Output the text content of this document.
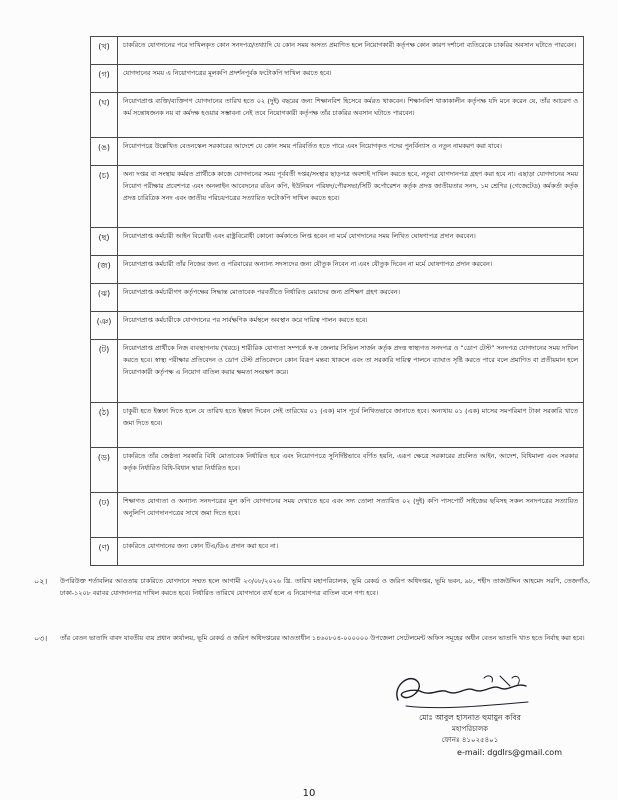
(খ)	চাকরিতে যোগদানের পরে দাখিলকৃত কোন সনদপত্র/তথ্যাদি যে কোন সময় অসত্য প্রমাণিত হলে নিয়োগকারী কর্তৃপক্ষ কোন কারণ দর্শানো ব্যতিরেকে চাকরির অবসান ঘটাতে পারবেন।
(গ)	যোগদানের সময় এ নিয়োগপত্রের মূলকপি প্রদর্শনপূর্বক ফটোকপি দাখিল করতে হবে।
(ঘ)	নিয়োগপ্রাপ্ত ব্যক্তি/ব্যক্তিগণ যোগদানের তারিখ হতে ০২ (দুই) বছরের জন্য শিক্ষানবিশ হিসেবে কর্মরত থাকবেন। শিক্ষানবিশ থাকাকালীন কর্তৃপক্ষ যদি মনে করেন যে, তাঁর আচরণ ও কর্ম সন্তোষজনক নয় বা কর্মদক্ষ হওয়ার সম্ভাবনা নেই তবে নিয়োগকারী কর্তৃপক্ষ তাঁর চাকরির অবসান ঘটাতে পারবেন।
(ঙ)	নিয়োগপত্রে উল্লেখিত বেতনস্কেল সরকারের আদেশে যে কোন সময় পরিবর্তিত হতে পারে এবং নিয়োগকৃত পদের পুনর্বিন্যাস ও নতুন নামকরণ করা যাবে।
(চ)	অন্য দপ্তর বা সংস্থায় কর্মরত প্রার্থীকে কাজে যোগদানের সময় পূর্ববর্তী দপ্তর/সংস্থার ছাড়পত্র অবশ্যই দাখিল করতে হবে, নতুবা যোগদানপত্র গ্রহণ করা হবে না। এছাড়া যোগদানের সময় নিয়োগ পরীক্ষার প্রবেশপত্র এবং অনলাইন আবেদনের রঙিন কপি, ইউনিয়ন পরিষদ/পৌরসভা/সিটি কর্পোরেশন কর্তৃক প্রদত্ত জাতীয়তার সনদ, ১ম শ্রেণির (গেজেটেড) কর্মকর্তা কর্তৃক প্রদত্ত চারিত্রিক সনদ এবং জাতীয় পরিচয়পত্রের সত্যায়িত ফটোকপি দাখিল করতে হবে।
(ছ)	নিয়োগপ্রাপ্ত কর্মচারী আইন বিরোধী এবং রাষ্ট্রবিরোধী কোনো কর্মকাণ্ডে লিপ্ত হবেন না মর্মে যোগদানের সময় লিখিত ঘোষণাপত্র প্রদান করবেন।
(জ)	নিয়োগপ্রাপ্ত কর্মচারী তাঁর নিজের জন্য ও পরিবারের অন্যান্য সদস্যদের জন্য যৌতুক নিবেন না এবং যৌতুক দিবেন না মর্মে ঘোষণাপত্র প্রদান করবেন।
(ঝ)	নিয়োগপ্রাপ্ত কর্মচারীগণ কর্তৃপক্ষের সিদ্ধান্ত মোতাবেক পরবর্তীতে নির্ধারিত মেয়াদের জন্য প্রশিক্ষণ গ্রহণ করবেন।
(ঞ)	নিয়োগপ্রাপ্ত কর্মচারীকে যোগদানের পর সার্বক্ষণিক কর্মস্থলে অবস্থান করে দায়িত্ব পালন করতে হবে।
(ট)	নিয়োগপ্রাপ্ত প্রার্থীকে নিজ ব্যবস্থাপনায় (খরচে) শারীরিক যোগ্যতা সম্পর্কে স্ব-স্ব জেলার সিভিল সার্জন কর্তৃক প্রদত্ত স্বাস্থ্যগত সনদপত্র ও “ডোপ টেস্ট” সনদপত্র যোগদানের সময় দাখিল করতে হবে। স্বাস্থ্য পরীক্ষার প্রতিবেদন ও ডোপ টেস্ট প্রতিবেদনে কোন বিরূপ মন্তব্য থাকলে এবং তা সরকারি দায়িত্ব পালনে ব্যাঘাত সৃষ্টি করতে পারে বলে প্রমাণিত বা প্রতীয়মান হলে নিয়োগকারী কর্তৃপক্ষ এ নিয়োগ বাতিল করার ক্ষমতা সংরক্ষণ করে।
(ঠ)	চাকুরী হতে ইস্তফা দিতে হলে যে তারিখ হতে ইস্তফা দিবেন সেই তারিখের ০১ (এক) মাস পূর্বে লিখিতভাবে জানাতে হবে। অন্যথায় ০১ (এক) মাসের সমপরিমাণ টাকা সরকারি খাতে জমা দিতে হবে।
(ড)	চাকরিতে তাঁর জেষ্ঠতা সরকারি বিধি মোতাবেক নির্ধারিত হবে এবং নিয়োগপত্রে সুনির্দিষ্টভাবে বর্ণিত হয়নি, এরূপ ক্ষেত্রে সরকারের প্রচলিত আইন, আদেশ, বিধিমালা এবং সরকার কর্তৃক নির্ধারিত বিধি-বিধান দ্বারা নির্ধারিত হবে।
(ঢ)	শিক্ষাগত যোগ্যতা ও অন্যান্য সনদপত্রের মূল কপি যোগদানের সময় দেখাতে হবে এবং সদ্য তোলা সত্যায়িত ০২ (দুই) কপি পাসপোর্ট সাইজের ছবিসহ সকল সনদপত্রের সত্যায়িত অনুলিপি যোগদানপত্রের সাথে জমা দিতে হবে।
(ণ)	চাকরিতে যোগদানের জন্য কোন টিএ/ডিএ প্রদান করা হবে না।
০২। উপরিউক্ত শর্তাবলির আওতায় চাকরিতে যোগদানে সম্মত হলে আগামী ২৩/০৮/২০২৬ খ্রি. তারিখ মহাপরিচালক, ভূমি রেকর্ড ও জরিপ অধিদপ্তর, ভূমি ভবন, ৯৮, শহীদ তাজউদ্দিন আহমেদ সরণি, তেজগাঁও, ঢাকা-১২০৮ বরাবর যোগদানপত্র দাখিল করতে হবে। নির্ধারিত তারিখে যোগদানে ব্যর্থ হলে এ নিয়োগপত্র বাতিল বলে গণ্য হবে।
০৩। তাঁর বেতন ভাতাদি বাবদ যাবতীয় ব্যয় প্রধান কার্যালয়, ভূমি রেকর্ড ও জরিপ অধিদপ্তরের আওতাধীন ১৪৬০৮০৪-০০০০০০ উপজেলা সেটেলমেন্ট অফিস সমূহের অধীন বেতন ভাতাদি খাত হতে নির্বাহ করা হবে।
মোঃ আবুল হাসনাত হুমায়ুন কবির
মহাপরিচালক
ফোনঃ ৪১০২৫৪০১
e-mail: dgdlrs@gmail.com
10
